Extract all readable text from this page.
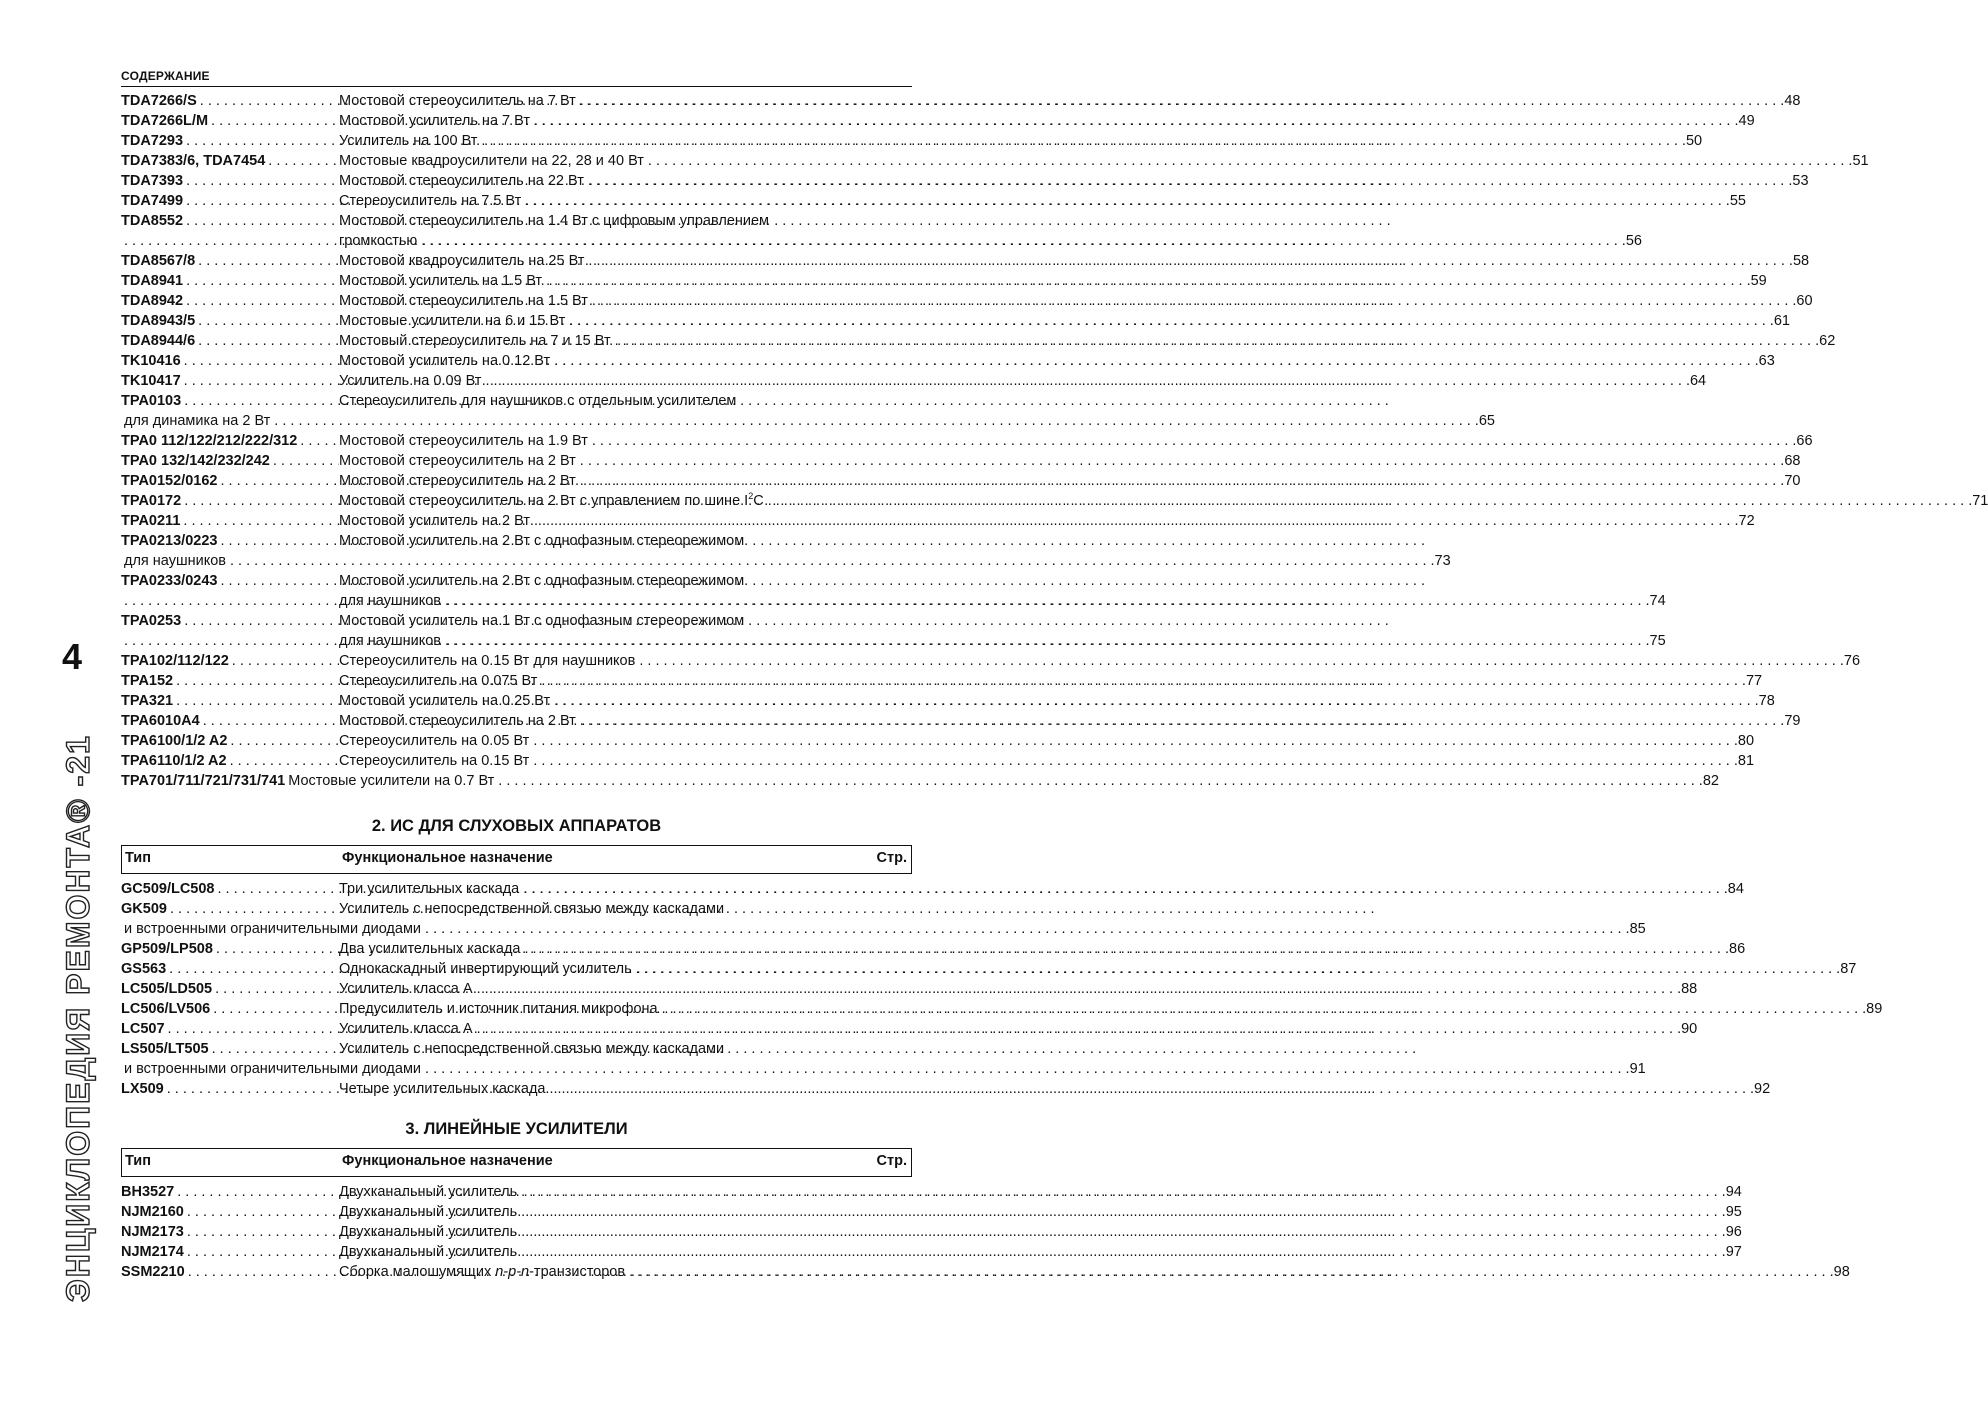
СОДЕРЖАНИЕ
4
ЭНЦИКЛОПЕДИЯ РЕМОНТА® -21
TDA7266/S . . .	Мостовой стереоусилитель на 7 Вт . . .	48
TDA7266L/M . . .	Мостовой усилитель на 7 Вт . . .	49
TDA7293 . . .	Усилитель на 100 Вт . . .	50
TDA7383/6, TDA7454 . . .	Мостовые квадроусилители на 22, 28 и 40 Вт . . .	51
TDA7393 . . .	Мостовой стереоусилитель на 22 Вт . . .	53
TDA7499 . . .	Стереоусилитель на 7.5 Вт . . .	55
TDA8552 . . .	Мостовой стереоусилитель на 1.4 Вт с цифровым управлением
. . .
громкостью . . .	56
TDA8567/8 . . .	Мостовой квадроусилитель на 25 Вт . . .	58
TDA8941 . . .	Мостовой усилитель на 1.5 Вт . . .	59
TDA8942 . . .	Мостовой стереоусилитель на 1.5 Вт . . .	60
TDA8943/5 . . .	Мостовые усилители на 6 и 15 Вт . . .	61
TDA8944/6 . . .	Мостовый стереоусилитель на 7 и 15 Вт . . .	62
TK10416 . . .	Мостовой усилитель на 0.12 Вт . . .	63
TK10417 . . .	Усилитель на 0.09 Вт . . .	64
TPA0103 . . .	Стереоусилитель для наушников с отдельным усилителем
для динамика на 2 Вт . . .	65
TPA0 112/122/212/222/312 . . .	Мостовой стереоусилитель на 1.9 Вт . . .	66
TPA0 132/142/232/242 . . .	Мостовой стереоусилитель на 2 Вт . . .	68
TPA0152/0162 . . .	Мостовой стереоусилитель на 2 Вт . . .	70
TPA0172 . . .	Мостовой стереоусилитель на 2 Вт с управлением по шине $I^2C$ . . .	71
TPA0211 . . .	Мостовой усилитель на 2 Вт . . .	72
TPA0213/0223 . . .	Мостовой усилитель на 2 Вт с однофазным стереорежимом
для наушников . . .	73
TPA0233/0243 . . .	Мостовой усилитель на 2 Вт с однофазным стереорежимом
. . .
для наушников . . .	74
TPA0253 . . .	Мостовой усилитель на 1 Вт с однофазным стереорежимом
. . .
для наушников . . .	75
TPA102/112/122 . . .	Стереоусилитель на 0.15 Вт для наушников . . .	76
TPA152 . . .	Стереоусилитель на 0.075 Вт . . .	77
TPA321 . . .	Мостовой усилитель на 0.25 Вт . . .	78
TPA6010A4 . . .	Мостовой стереоусилитель на 2 Вт . . .	79
TPA6100/1/2 A2 . . .	Стереоусилитель на 0.05 Вт . . .	80
TPA6110/1/2 A2 . . .	Стереоусилитель на 0.15 Вт . . .	81
TPA701/711/721/731/741 Мостовые усилители на 0.7 Вт . . .	82
2. ИС ДЛЯ СЛУХОВЫХ АППАРАТОВ
Тип	Функциональное назначение	Стр.
GC509/LC508 . . .	Три усилительных каскада . . .	84
GK509 . . .	Усилитель с непосредственной связью между каскадами
и встроенными ограничительными диодами . . .	85
GP509/LP508 . . .	Два усилительных каскада . . .	86
GS563 . . .	Однокаскадный инвертирующий усилитель . . .	87
LC505/LD505 . . .	Усилитель класса А . . .	88
LC506/LV506 . . .	Предусилитель и источник питания микрофона . . .	89
LC507 . . .	Усилитель класса А . . .	90
LS505/LT505 . . .	Усилитель с непосредственной связью между каскадами
и встроенными ограничительными диодами . . .	91
LX509 . . .	Четыре усилительных каскада . . .	92
3. ЛИНЕЙНЫЕ УСИЛИТЕЛИ
Тип	Функциональное назначение	Стр.
BH3527 . . .	Двухканальный усилитель . . .	94
NJM2160 . . .	Двухканальный усилитель . . .	95
NJM2173 . . .	Двухканальный усилитель . . .	96
NJM2174 . . .	Двухканальный усилитель . . .	97
SSM2210 . . .	Сборка малошумящих n-p-n-транзисторов . . .	98
